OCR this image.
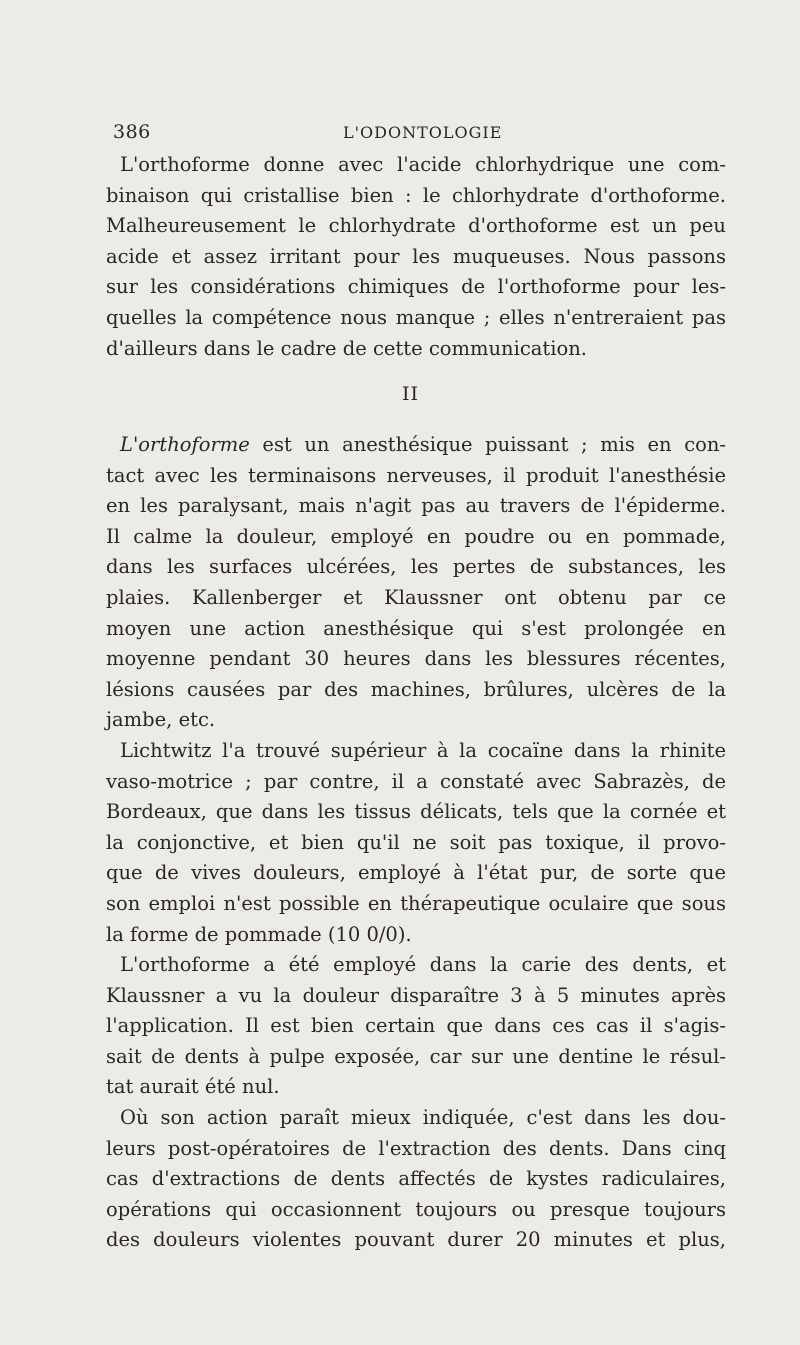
386	L'ODONTOLOGIE
L'orthoforme donne avec l'acide chlorhydrique une com-
binaison qui cristallise bien : le chlorhydrate d'orthoforme.
Malheureusement le chlorhydrate d'orthoforme est un peu
acide et assez irritant pour les muqueuses. Nous passons
sur les considérations chimiques de l'orthoforme pour les-
quelles la compétence nous manque ; elles n'entreraient pas
d'ailleurs dans le cadre de cette communication.
II
L'orthoforme est un anesthésique puissant ; mis en con-
tact avec les terminaisons nerveuses, il produit l'anesthésie
en les paralysant, mais n'agit pas au travers de l'épiderme.
Il calme la douleur, employé en poudre ou en pommade,
dans les surfaces ulcérées, les pertes de substances, les
plaies. Kallenberger et Klaussner ont obtenu par ce
moyen une action anesthésique qui s'est prolongée en
moyenne pendant 30 heures dans les blessures récentes,
lésions causées par des machines, brûlures, ulcères de la
jambe, etc.
Lichtwitz l'a trouvé supérieur à la cocaïne dans la rhinite
vaso-motrice ; par contre, il a constaté avec Sabrazès, de
Bordeaux, que dans les tissus délicats, tels que la cornée et
la conjonctive, et bien qu'il ne soit pas toxique, il provo-
que de vives douleurs, employé à l'état pur, de sorte que
son emploi n'est possible en thérapeutique oculaire que sous
la forme de pommade (10 0/0).
L'orthoforme a été employé dans la carie des dents, et
Klaussner a vu la douleur disparaître 3 à 5 minutes après
l'application. Il est bien certain que dans ces cas il s'agis-
sait de dents à pulpe exposée, car sur une dentine le résul-
tat aurait été nul.
Où son action paraît mieux indiquée, c'est dans les dou-
leurs post-opératoires de l'extraction des dents. Dans cinq
cas d'extractions de dents affectés de kystes radiculaires,
opérations qui occasionnent toujours ou presque toujours
des douleurs violentes pouvant durer 20 minutes et plus,
